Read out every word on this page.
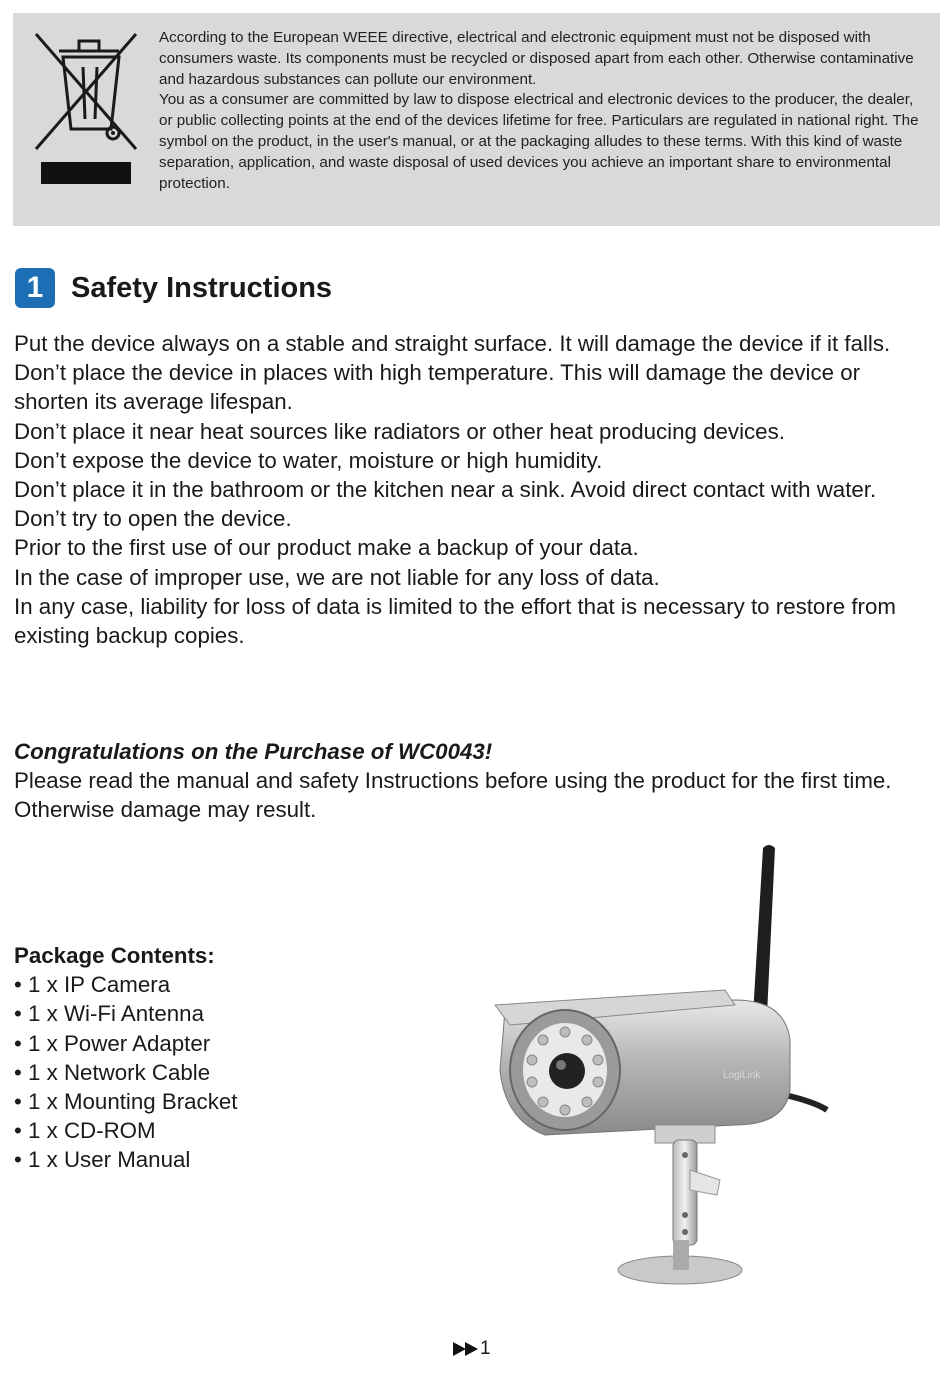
According to the European WEEE directive, electrical and electronic equipment must not be disposed with consumers waste. Its components must be recycled or disposed apart from each other. Otherwise contaminative and hazardous substances can pollute our environment.

You as a consumer are committed by law to dispose electrical and electronic devices to the producer, the dealer, or public collecting points at the end of the devices lifetime for free. Particulars are regulated in national right. The symbol on the product, in the user's manual, or at the packaging alludes to these terms. With this kind of waste separation, application, and waste disposal of used devices you achieve an important share to environmental protection.

1 Safety Instructions

Put the device always on a stable and straight surface. It will damage the device if it falls.

Don’t place the device in places with high temperature. This will damage the device or shorten its average lifespan.

Don’t place it near heat sources like radiators or other heat producing devices.

Don’t expose the device to water, moisture or high humidity.

Don’t place it in the bathroom or the kitchen near a sink. Avoid direct contact with water.

Don’t try to open the device.

Prior to the first use of our product make a backup of your data.

In the case of improper use, we are not liable for any loss of data.

In any case, liability for loss of data is limited to the effort that is necessary to restore from existing backup copies.

Congratulations on the Purchase of WC0043!

Please read the manual and safety Instructions before using the product for the first time. Otherwise damage may result.

Package Contents:

• 1 x IP Camera
• 1 x Wi-Fi Antenna
• 1 x Power Adapter
• 1 x Network Cable
• 1 x Mounting Bracket
• 1 x CD-ROM
• 1 x User Manual
LogiLink
1
